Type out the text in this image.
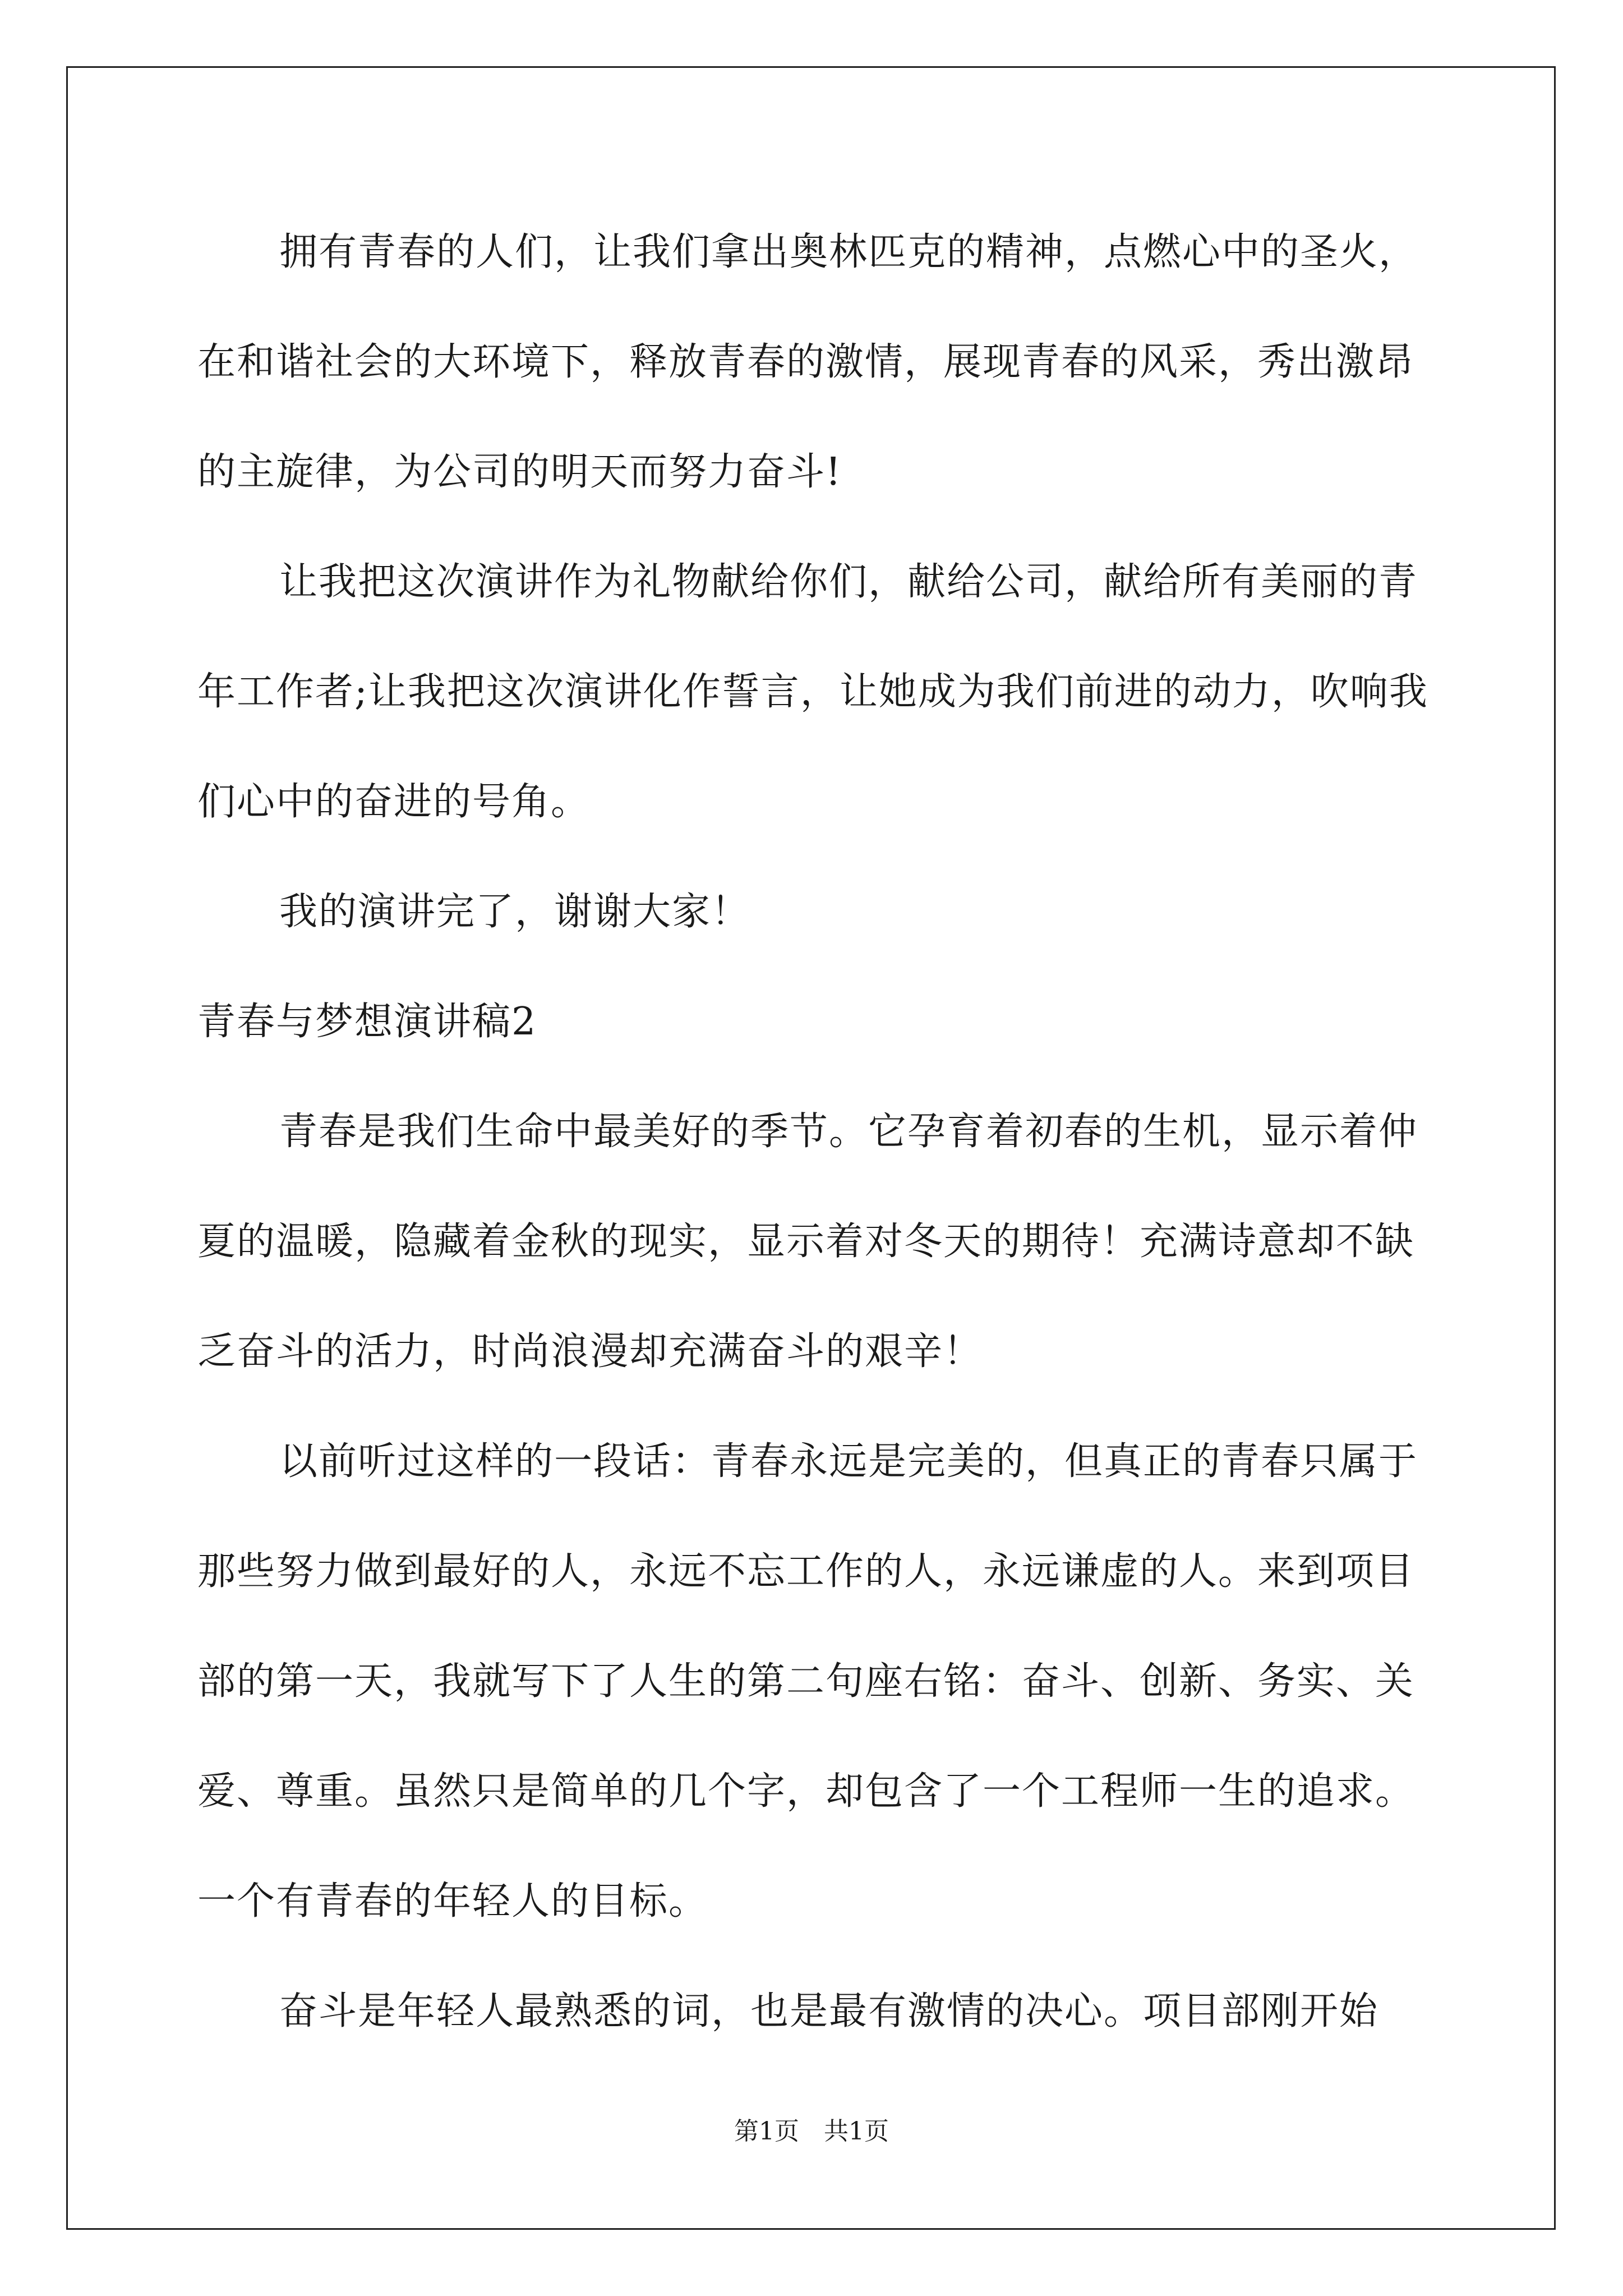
拥有青春的人们，让我们拿出奥林匹克的精神，点燃心中的圣火，在和谐社会的大环境下，释放青春的激情，展现青春的风采，秀出激昂的主旋律，为公司的明天而努力奋斗!

让我把这次演讲作为礼物献给你们，献给公司，献给所有美丽的青年工作者;让我把这次演讲化作誓言，让她成为我们前进的动力，吹响我们心中的奋进的号角。

我的演讲完了，谢谢大家！

青春与梦想演讲稿2

青春是我们生命中最美好的季节。它孕育着初春的生机，显示着仲夏的温暖，隐藏着金秋的现实，显示着对冬天的期待！充满诗意却不缺乏奋斗的活力，时尚浪漫却充满奋斗的艰辛！

以前听过这样的一段话：青春永远是完美的，但真正的青春只属于那些努力做到最好的人，永远不忘工作的人，永远谦虚的人。来到项目部的第一天，我就写下了人生的第二句座右铭：奋斗、创新、务实、关爱、尊重。虽然只是简单的几个字，却包含了一个工程师一生的追求。一个有青春的年轻人的目标。

奋斗是年轻人最熟悉的词，也是最有激情的决心。项目部刚开始

第1页 共1页
